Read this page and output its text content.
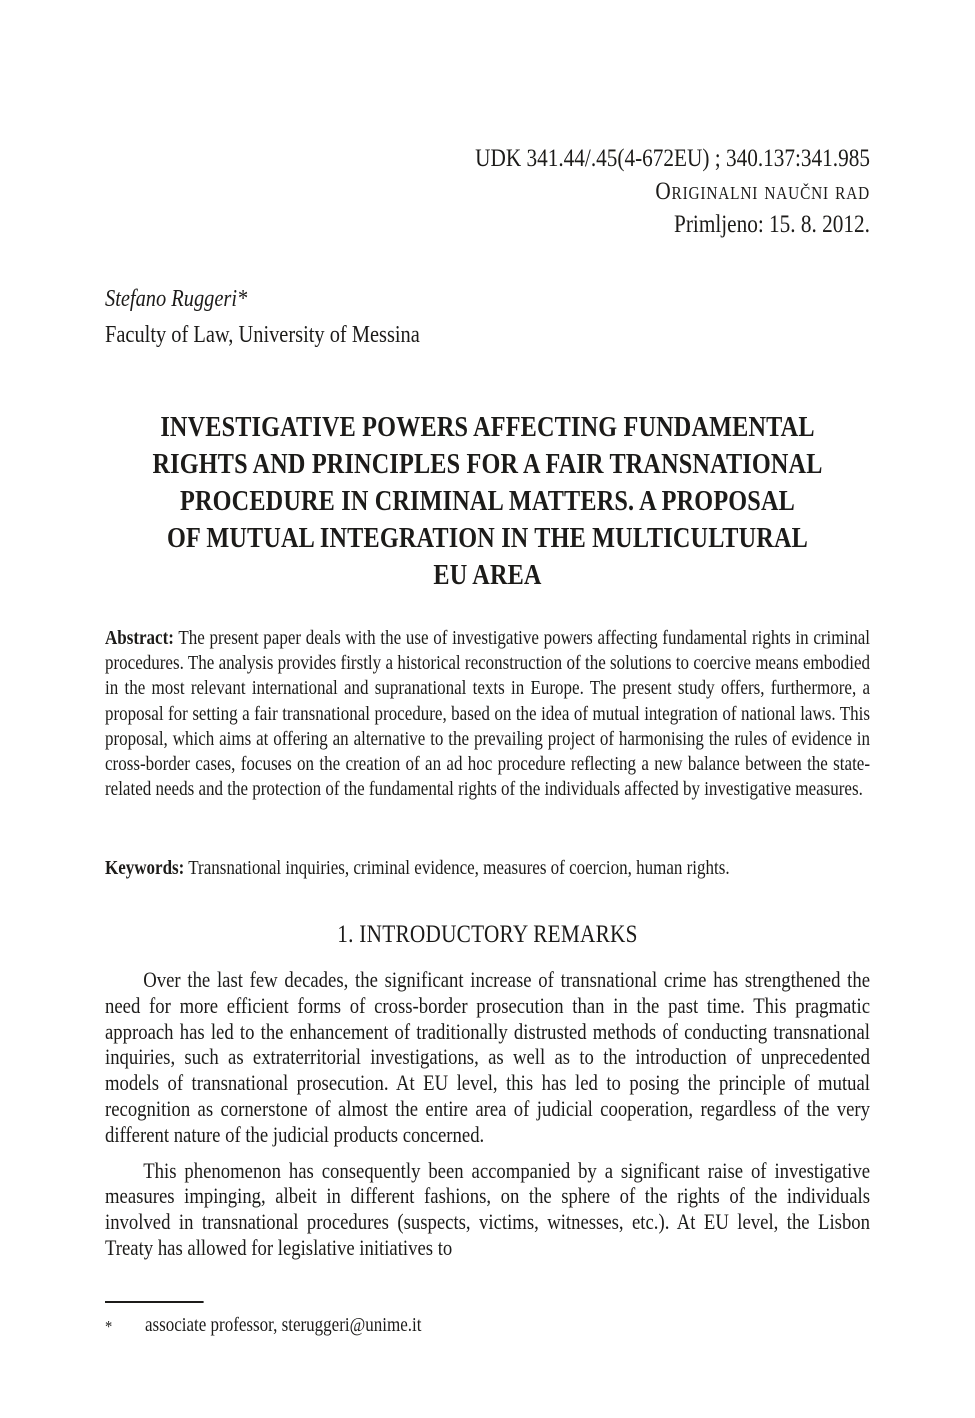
UDK 341.44/.45(4-672EU) ; 340.137:341.985
Originalni naučni rad
Primljeno: 15. 8. 2012.
Stefano Ruggeri*
Faculty of Law, University of Messina
INVESTIGATIVE POWERS AFFECTING FUNDAMENTAL
RIGHTS AND PRINCIPLES FOR A FAIR TRANSNATIONAL
PROCEDURE IN CRIMINAL MATTERS. A PROPOSAL
OF MUTUAL INTEGRATION IN THE MULTICULTURAL
EU AREA
Abstract: The present paper deals with the use of investigative powers affecting fundamental rights in criminal procedures. The analysis provides firstly a historical reconstruction of the solutions to coercive means embodied in the most relevant international and supranational texts in Europe. The present study offers, furthermore, a proposal for setting a fair transnational procedure, based on the idea of mutual integration of national laws. This proposal, which aims at offering an alternative to the prevailing project of harmonising the rules of evidence in cross-border cases, focuses on the creation of an ad hoc procedure reflecting a new balance between the state-related needs and the protection of the fundamental rights of the individuals affected by investigative measures.
Keywords: Transnational inquiries, criminal evidence, measures of coercion, human rights.
1. INTRODUCTORY REMARKS

Over the last few decades, the significant increase of transnational crime has strengthened the need for more efficient forms of cross-border prosecution than in the past time. This pragmatic approach has led to the enhancement of traditionally distrusted methods of conducting transnational inquiries, such as extraterritorial investigations, as well as to the introduction of unprecedented models of transnational prosecution. At EU level, this has led to posing the principle of mutual recognition as cornerstone of almost the entire area of judicial cooperation, regardless of the very different nature of the judicial products concerned.

This phenomenon has consequently been accompanied by a significant raise of investigative measures impinging, albeit in different fashions, on the sphere of the rights of the individuals involved in transnational procedures (suspects, victims, witnesses, etc.). At EU level, the Lisbon Treaty has allowed for legislative initiatives to

* associate professor, steruggeri@unime.it
